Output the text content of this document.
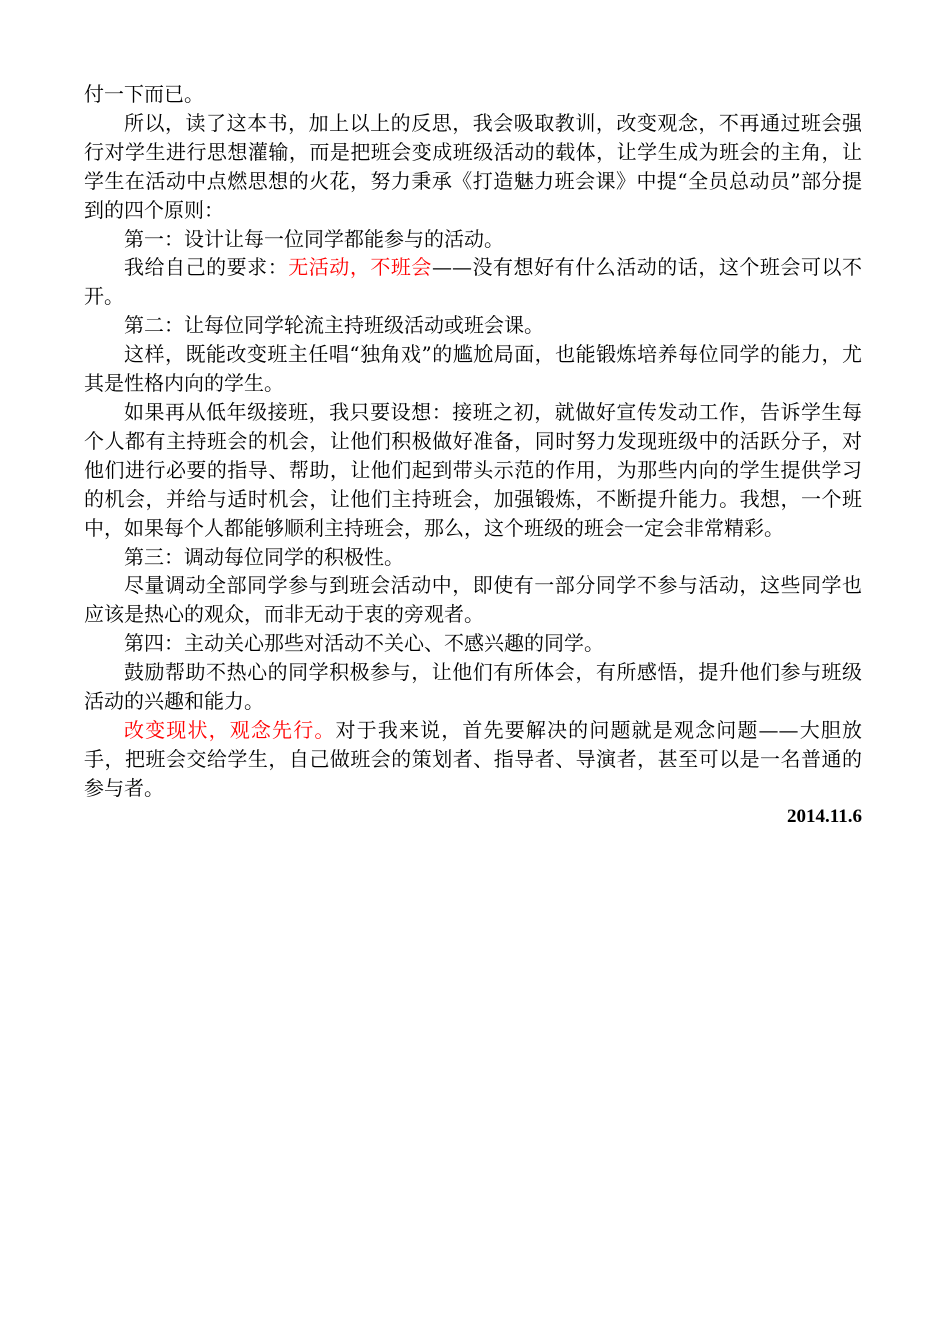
付一下而已。

所以，读了这本书，加上以上的反思，我会吸取教训，改变观念，不再通过班会强行对学生进行思想灌输，而是把班会变成班级活动的载体，让学生成为班会的主角，让学生在活动中点燃思想的火花，努力秉承《打造魅力班会课》中提“全员总动员”部分提到的四个原则：

第一：设计让每一位同学都能参与的活动。

我给自己的要求：无活动，不班会——没有想好有什么活动的话，这个班会可以不开。

第二：让每位同学轮流主持班级活动或班会课。

这样，既能改变班主任唱“独角戏”的尴尬局面，也能锻炼培养每位同学的能力，尤其是性格内向的学生。

如果再从低年级接班，我只要设想：接班之初，就做好宣传发动工作，告诉学生每个人都有主持班会的机会，让他们积极做好准备，同时努力发现班级中的活跃分子，对他们进行必要的指导、帮助，让他们起到带头示范的作用，为那些内向的学生提供学习的机会，并给与适时机会，让他们主持班会，加强锻炼，不断提升能力。我想，一个班中，如果每个人都能够顺利主持班会，那么，这个班级的班会一定会非常精彩。

第三：调动每位同学的积极性。

尽量调动全部同学参与到班会活动中，即使有一部分同学不参与活动，这些同学也应该是热心的观众，而非无动于衷的旁观者。

第四：主动关心那些对活动不关心、不感兴趣的同学。

鼓励帮助不热心的同学积极参与，让他们有所体会，有所感悟，提升他们参与班级活动的兴趣和能力。

改变现状，观念先行。对于我来说，首先要解决的问题就是观念问题——大胆放手，把班会交给学生，自己做班会的策划者、指导者、导演者，甚至可以是一名普通的参与者。

2014.11.6
